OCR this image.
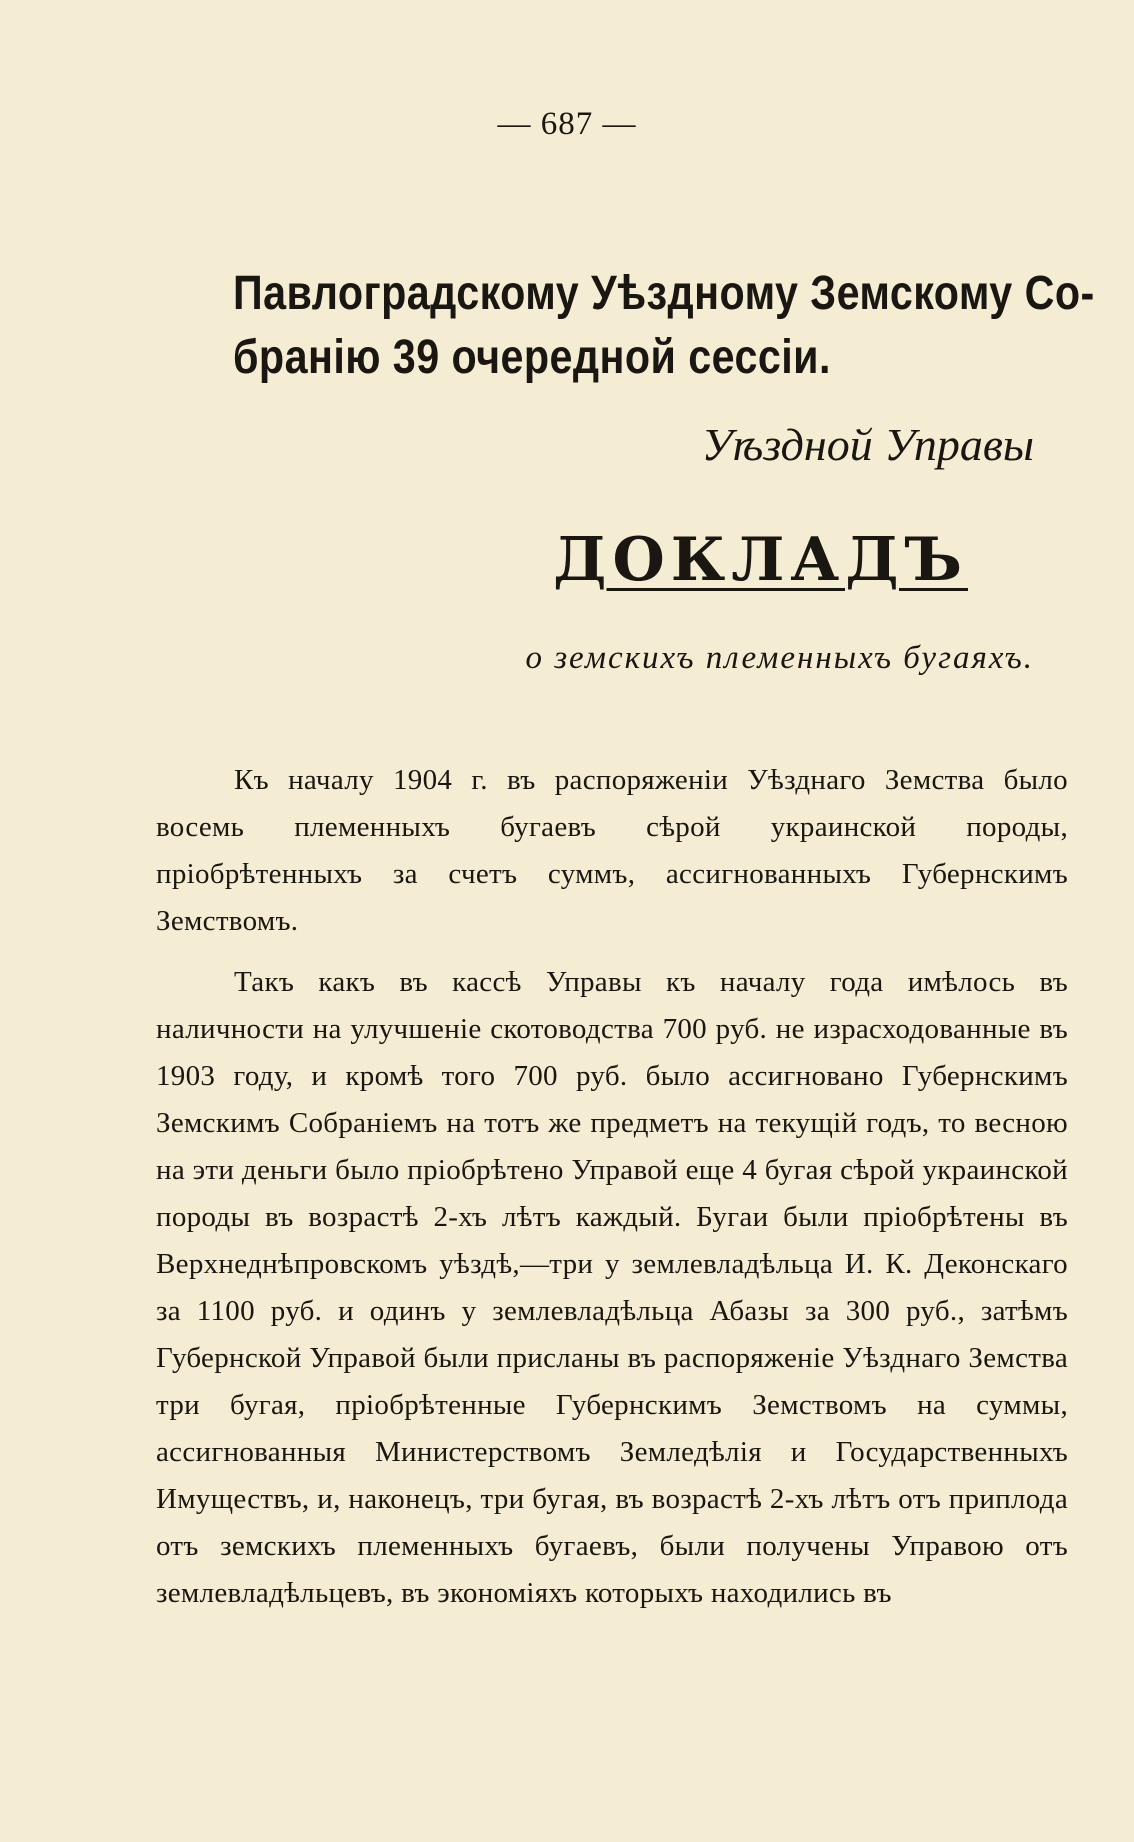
— 687 —
Павлоградскому Уѣздному Земскому Со-
бранію 39 очередной сессіи.
Уѣздной Управы
ДОКЛАДЪ
о земскихъ племенныхъ бугаяхъ.

Къ началу 1904 г. въ распоряженіи Уѣзднаго Земства было восемь племенныхъ бугаевъ сѣрой украинской породы, пріобрѣтенныхъ за счетъ суммъ, ассигнованныхъ Губернскимъ Земствомъ.

Такъ какъ въ кассѣ Управы къ началу года имѣлось въ наличности на улучшеніе скотоводства 700 руб. не израсходованные въ 1903 году, и кромѣ того 700 руб. было ассигновано Губернскимъ Земскимъ Собраніемъ на тотъ же предметъ на текущій годъ, то весною на эти деньги было пріобрѣтено Управой еще 4 бугая сѣрой украинской породы въ возрастѣ 2-хъ лѣтъ каждый. Бугаи были пріобрѣтены въ Верхнеднѣпровскомъ уѣздѣ,—три у землевладѣльца И. К. Деконскаго за 1100 руб. и одинъ у землевладѣльца Абазы за 300 руб., затѣмъ Губернской Управой были присланы въ распоряженіе Уѣзднаго Земства три бугая, пріобрѣтенные Губернскимъ Земствомъ на суммы, ассигнованныя Министерствомъ Земледѣлія и Государственныхъ Имуществъ, и, наконецъ, три бугая, въ возрастѣ 2-хъ лѣтъ отъ приплода отъ земскихъ племенныхъ бугаевъ, были получены Управою отъ землевладѣльцевъ, въ экономіяхъ которыхъ находились въ
